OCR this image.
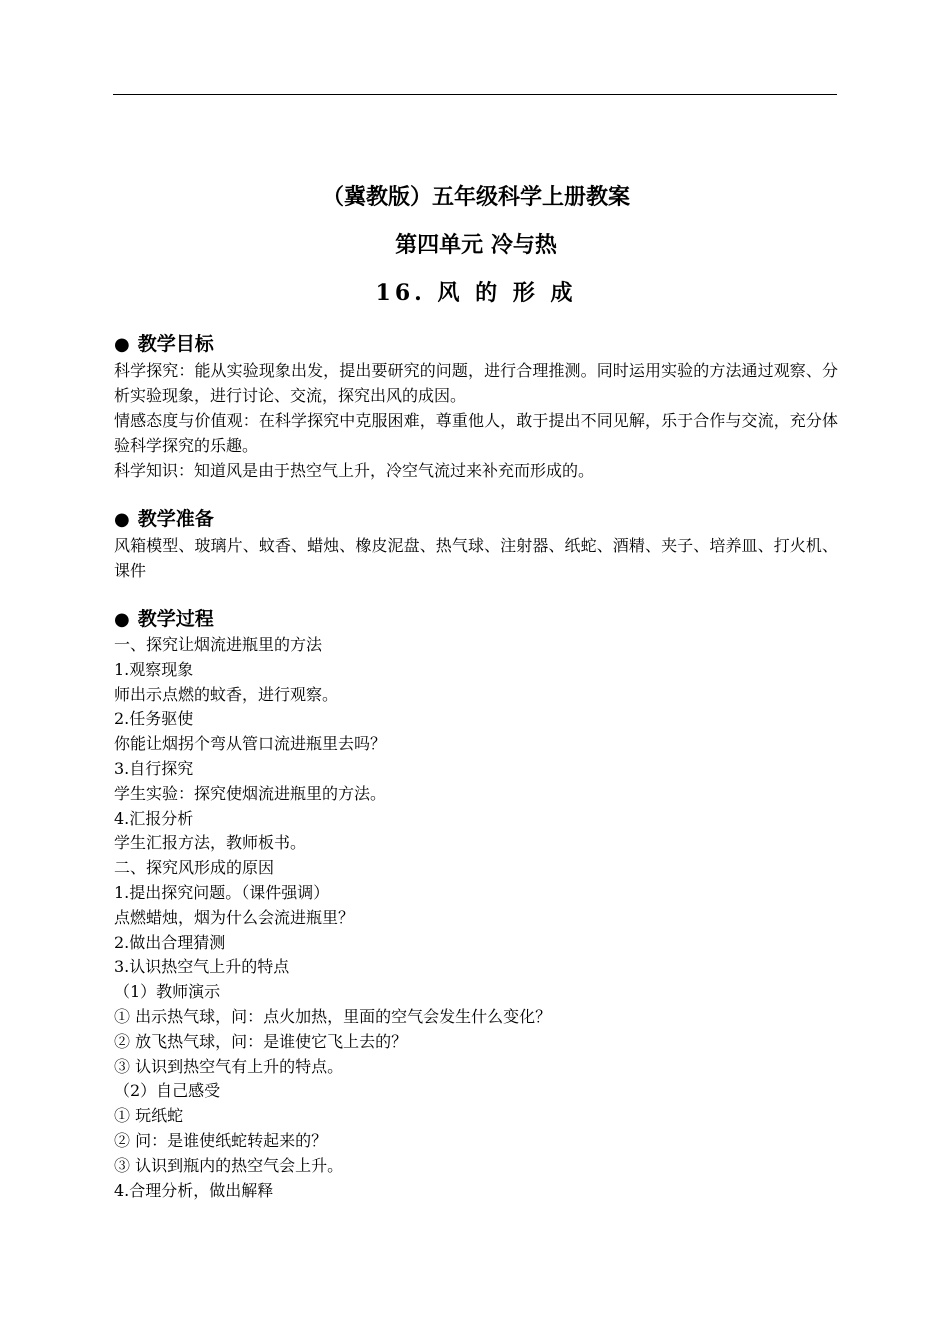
（冀教版）五年级科学上册教案

第四单元 冷与热

16. 风 的 形 成

● 教学目标

科学探究：能从实验现象出发，提出要研究的问题，进行合理推测。同时运用实验的方法通过观察、分析实验现象，进行讨论、交流，探究出风的成因。

情感态度与价值观：在科学探究中克服困难，尊重他人，敢于提出不同见解，乐于合作与交流，充分体验科学探究的乐趣。

科学知识：知道风是由于热空气上升，冷空气流过来补充而形成的。

● 教学准备

风箱模型、玻璃片、蚊香、蜡烛、橡皮泥盘、热气球、注射器、纸蛇、酒精、夹子、培养皿、打火机、课件

● 教学过程

一、探究让烟流进瓶里的方法

1.观察现象

师出示点燃的蚊香，进行观察。

2.任务驱使

你能让烟拐个弯从管口流进瓶里去吗？

3.自行探究

学生实验：探究使烟流进瓶里的方法。

4.汇报分析

学生汇报方法，教师板书。

二、探究风形成的原因

1.提出探究问题。（课件强调）

点燃蜡烛，烟为什么会流进瓶里？

2.做出合理猜测

3.认识热空气上升的特点

（1）教师演示

① 出示热气球，问：点火加热，里面的空气会发生什么变化？

② 放飞热气球，问：是谁使它飞上去的？

③ 认识到热空气有上升的特点。

（2）自己感受

① 玩纸蛇

② 问：是谁使纸蛇转起来的？

③ 认识到瓶内的热空气会上升。

4.合理分析，做出解释
